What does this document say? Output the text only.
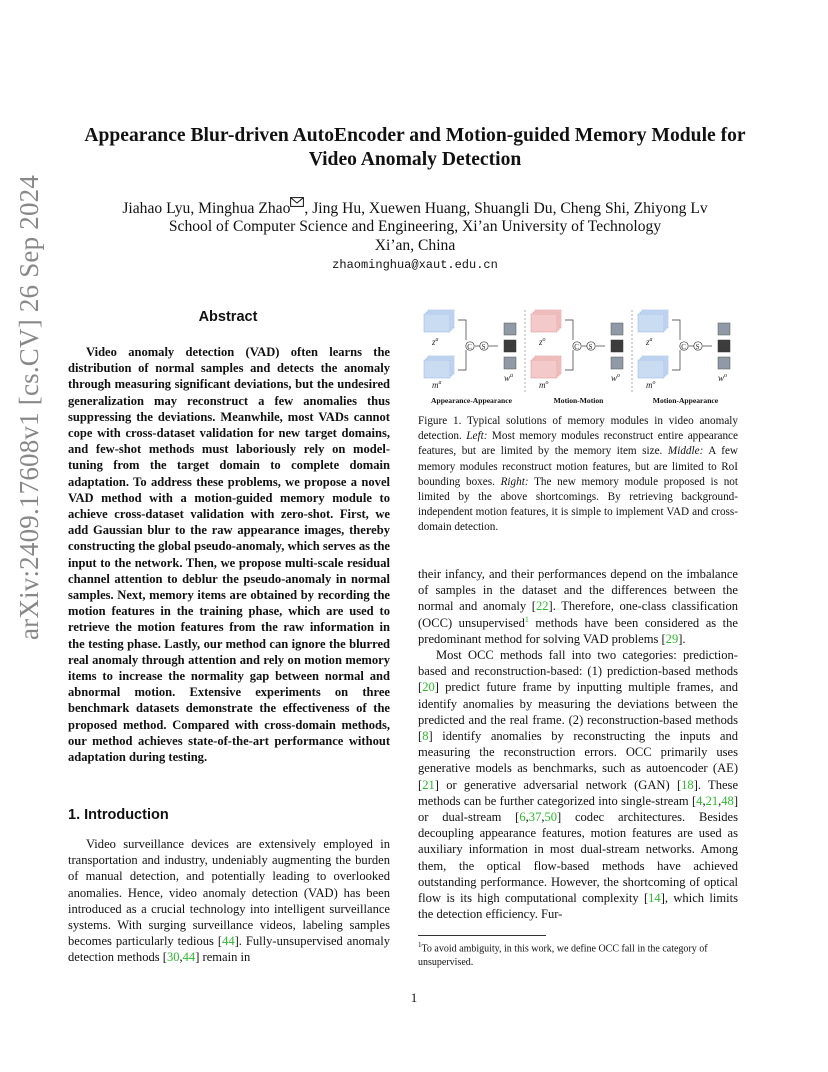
arXiv:2409.17608v1 [cs.CV] 26 Sep 2024
Appearance Blur-driven AutoEncoder and Motion-guided Memory Module for
Video Anomaly Detection
Jiahao Lyu, Minghua Zhao , Jing Hu, Xuewen Huang, Shuangli Du, Cheng Shi, Zhiyong Lv
School of Computer Science and Engineering, Xi’an University of Technology
Xi’an, China
zhaominghua@xaut.edu.cn
Abstract
Video anomaly detection (VAD) often learns the distribution of normal samples and detects the anomaly through measuring significant deviations, but the undesired generalization may reconstruct a few anomalies thus suppressing the deviations. Meanwhile, most VADs cannot cope with cross-dataset validation for new target domains, and few-shot methods must laboriously rely on model-tuning from the target domain to complete domain adaptation. To address these problems, we propose a novel VAD method with a motion-guided memory module to achieve cross-dataset validation with zero-shot. First, we add Gaussian blur to the raw appearance images, thereby constructing the global pseudo-anomaly, which serves as the input to the network. Then, we propose multi-scale residual channel attention to deblur the pseudo-anomaly in normal samples. Next, memory items are obtained by recording the motion features in the training phase, which are used to retrieve the motion features from the raw information in the testing phase. Lastly, our method can ignore the blurred real anomaly through attention and rely on motion memory items to increase the normality gap between normal and abnormal motion. Extensive experiments on three benchmark datasets demonstrate the effectiveness of the proposed method. Compared with cross-domain methods, our method achieves state-of-the-art performance without adaptation during testing.
1. Introduction
Video surveillance devices are extensively employed in transportation and industry, undeniably augmenting the burden of manual detection, and potentially leading to overlooked anomalies. Hence, video anomaly detection (VAD) has been introduced as a crucial technology into intelligent surveillance systems. With surging surveillance videos, labeling samples becomes particularly tedious [44]. Fully-unsupervised anomaly detection methods [30,44] remain in
$z^a$
$m^a$
C S
$w^a$
Appearance-Appearance
$z^o$
$m^o$
C S
$w^o$
Motion-Motion
$z^a$
$m^o$
C S
$w^o$
Motion-Appearance
Figure 1. Typical solutions of memory modules in video anomaly detection. Left: Most memory modules reconstruct entire appearance features, but are limited by the memory item size. Middle: A few memory modules reconstruct motion features, but are limited to RoI bounding boxes. Right: The new memory module proposed is not limited by the above shortcomings. By retrieving background-independent motion features, it is simple to implement VAD and cross-domain detection.

their infancy, and their performances depend on the imbalance of samples in the dataset and the differences between the normal and anomaly [22]. Therefore, one-class classification (OCC) unsupervised$^1$ methods have been considered as the predominant method for solving VAD problems [29].

Most OCC methods fall into two categories: prediction-based and reconstruction-based: (1) prediction-based methods [20] predict future frame by inputting multiple frames, and identify anomalies by measuring the deviations between the predicted and the real frame. (2) reconstruction-based methods [8] identify anomalies by reconstructing the inputs and measuring the reconstruction errors. OCC primarily uses generative models as benchmarks, such as autoencoder (AE) [21] or generative adversarial network (GAN) [18]. These methods can be further categorized into single-stream [4,21,48] or dual-stream [6,37,50] codec architectures. Besides decoupling appearance features, motion features are used as auxiliary information in most dual-stream networks. Among them, the optical flow-based methods have achieved outstanding performance. However, the shortcoming of optical flow is its high computational complexity [14], which limits the detection efficiency. Fur-

$^1$To avoid ambiguity, in this work, we define OCC fall in the category of unsupervised.
1
